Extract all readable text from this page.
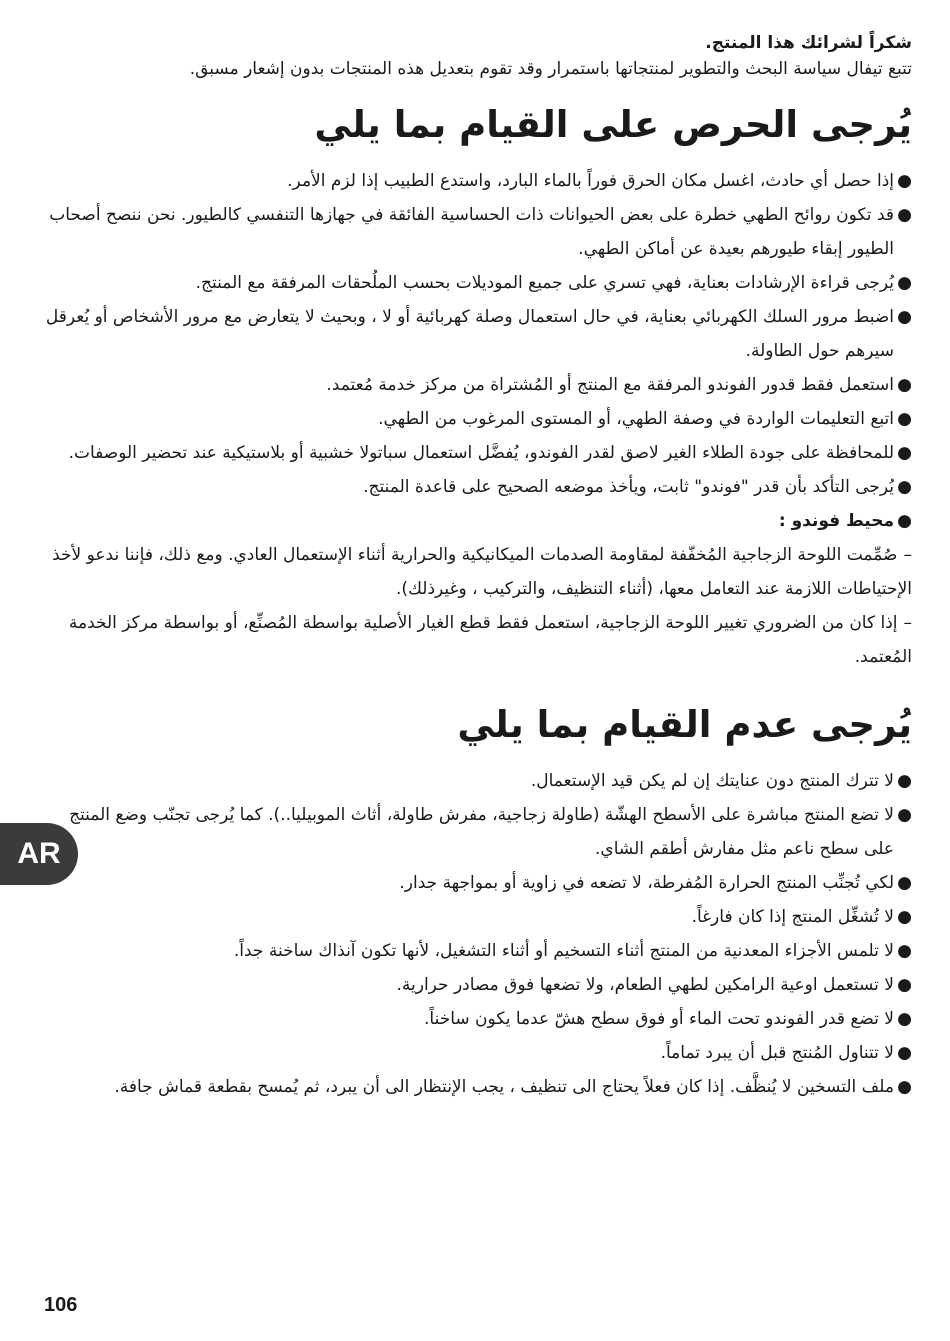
شكراً لشرائك هذا المنتج.

تتبع تيفال سياسة البحث والتطوير لمنتجاتها باستمرار وقد تقوم بتعديل هذه المنتجات بدون إشعار مسبق.

يُرجى الحرص على القيام بما يلي
●
إذا حصل أي حادث، اغسل مكان الحرق فوراً بالماء البارد، واستدع الطبيب إذا لزم الأمر.
●
قد تكون روائح الطهي خطرة على بعض الحيوانات ذات الحساسية الفائقة في جهازها التنفسي كالطيور. نحن ننصح أصحاب الطيور إبقاء طيورهم بعيدة عن أماكن الطهي.
●
يُرجى قراءة الإرشادات بعناية، فهي تسري على جميع الموديلات بحسب الملُحقات المرفقة مع المنتج.
●
اضبط مرور السلك الكهربائي بعناية، في حال استعمال وصلة كهربائية أو لا ، وبحيث لا يتعارض مع مرور الأشخاص أو يُعرقل سيرهم حول الطاولة.
●
استعمل فقط قدور الفوندو المرفقة مع المنتج أو المُشتراة من مركز خدمة مُعتمد.
●
اتبع التعليمات الواردة في وصفة الطهي، أو المستوى المرغوب من الطهي.
●
للمحافظة على جودة الطلاء الغير لاصق لقدر الفوندو، يُفضَّل استعمال سباتولا خشبية أو بلاستيكية عند تحضير الوصفات.
●
يُرجى التأكد بأن قدر "فوندو" ثابت، ويأخذ موضعه الصحيح على قاعدة المنتج.
●
محيط فوندو :
–صُمِّمت اللوحة الزجاجية المُخفّفة لمقاومة الصدمات الميكانيكية والحرارية أثناء الإستعمال العادي. ومع ذلك، فإننا ندعو لأخذ الإحتياطات اللازمة عند التعامل معها، (أثناء التنظيف، والتركيب ، وغيرذلك).
–إذا كان من الضروري تغيير اللوحة الزجاجية، استعمل فقط قطع الغيار الأصلية بواسطة المُصنِّع، أو بواسطة مركز الخدمة المُعتمد.
يُرجى عدم القيام بما يلي
●
لا تترك المنتج دون عنايتك إن لم يكن قيد الإستعمال.
●
لا تضع المنتج مباشرة على الأسطح الهشّة (طاولة زجاجية، مفرش طاولة، أثاث الموبيليا..). كما يُرجى تجنّب وضع المنتج على سطح ناعم مثل مفارش أطقم الشاي.
●
لكي تُجنِّب المنتج الحرارة المُفرطة، لا تضعه في زاوية أو بمواجهة جدار.
●
لا تُشغِّل المنتج إذا كان فارغاً.
●
لا تلمس الأجزاء المعدنية من المنتج أثناء التسخيم أو أثناء التشغيل، لأنها تكون آنذاك ساخنة جداً.
●
لا تستعمل اوعية الرامكين لطهي الطعام، ولا تضعها فوق مصادر حرارية.
●
لا تضع قدر الفوندو تحت الماء أو فوق سطح هشّ عدما يكون ساخناً.
●
لا تتناول المُنتج قبل أن يبرد تماماً.
●
ملف التسخين لا يُنظَّف. إذا كان فعلاً يحتاج الى تنظيف ، يجب الإنتظار الى أن يبرد، ثم يُمسح بقطعة قماش جافة.
AR
106
